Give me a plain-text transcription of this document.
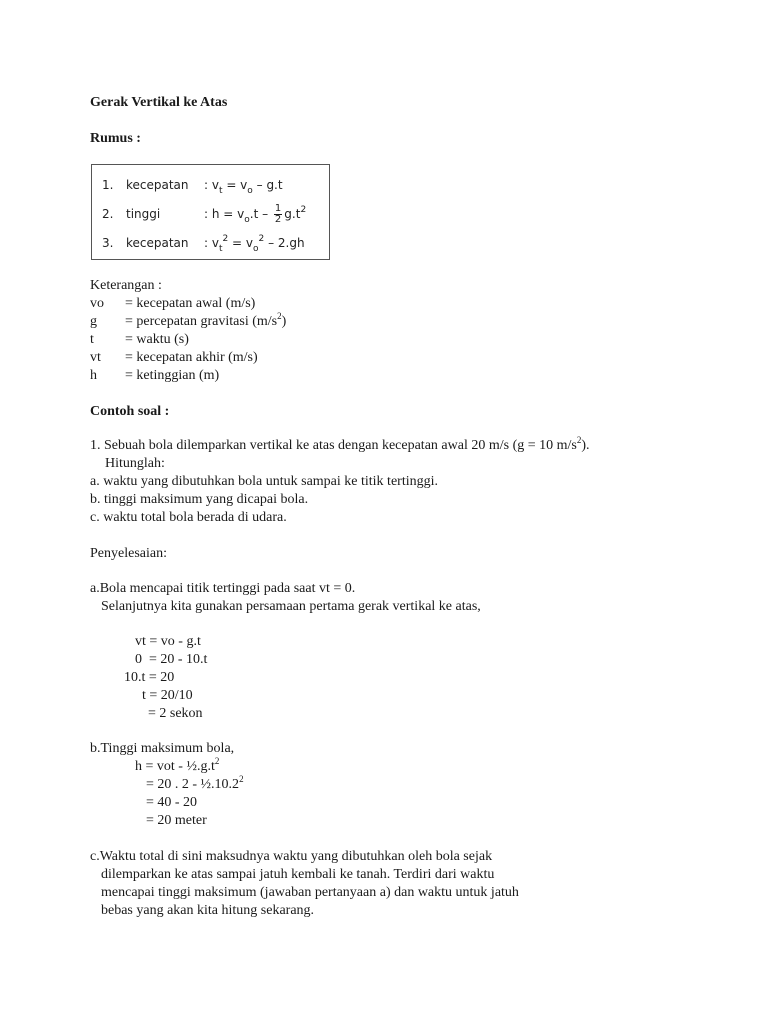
Gerak Vertikal ke Atas
Rumus :
1. kecepatan : $v_t = v_o - g.t$
2. tinggi	: $h = v_o.t - \frac{1}{2} g.t^2$
3. kecepatan : $v_t^2 = v_o^2 - 2.gh$
Keterangan :
vo = kecepatan awal (m/s)
g = percepatan gravitasi $(m/s^2)$
t = waktu (s)
vt = kecepatan akhir (m/s)
h = ketinggian (m)
Contoh soal :
1. Sebuah bola dilemparkan vertikal ke atas dengan kecepatan awal 20 m/s (g = 10 $m/s^2$).
Hitunglah:
a. waktu yang dibutuhkan bola untuk sampai ke titik tertinggi.
b. tinggi maksimum yang dicapai bola.
c. waktu total bola berada di udara.
Penyelesaian:
a.Bola mencapai titik tertinggi pada saat vt = 0.
Selanjutnya kita gunakan persamaan pertama gerak vertikal ke atas,
vt = vo - g.t
0  = 20 - 10.t
10.t = 20
t = 20/10
= 2 sekon
b.Tinggi maksimum bola,
h = vot - $\frac{1}{2}.g.t^2$
= 20 . $2 - \frac{1}{2}.10.2^2$
= 40 - 20
= 20 meter
c.Waktu total di sini maksudnya waktu yang dibutuhkan oleh bola sejak
dilemparkan ke atas sampai jatuh kembali ke tanah. Terdiri dari waktu
mencapai tinggi maksimum (jawaban pertanyaan a) dan waktu untuk jatuh
bebas yang akan kita hitung sekarang.
